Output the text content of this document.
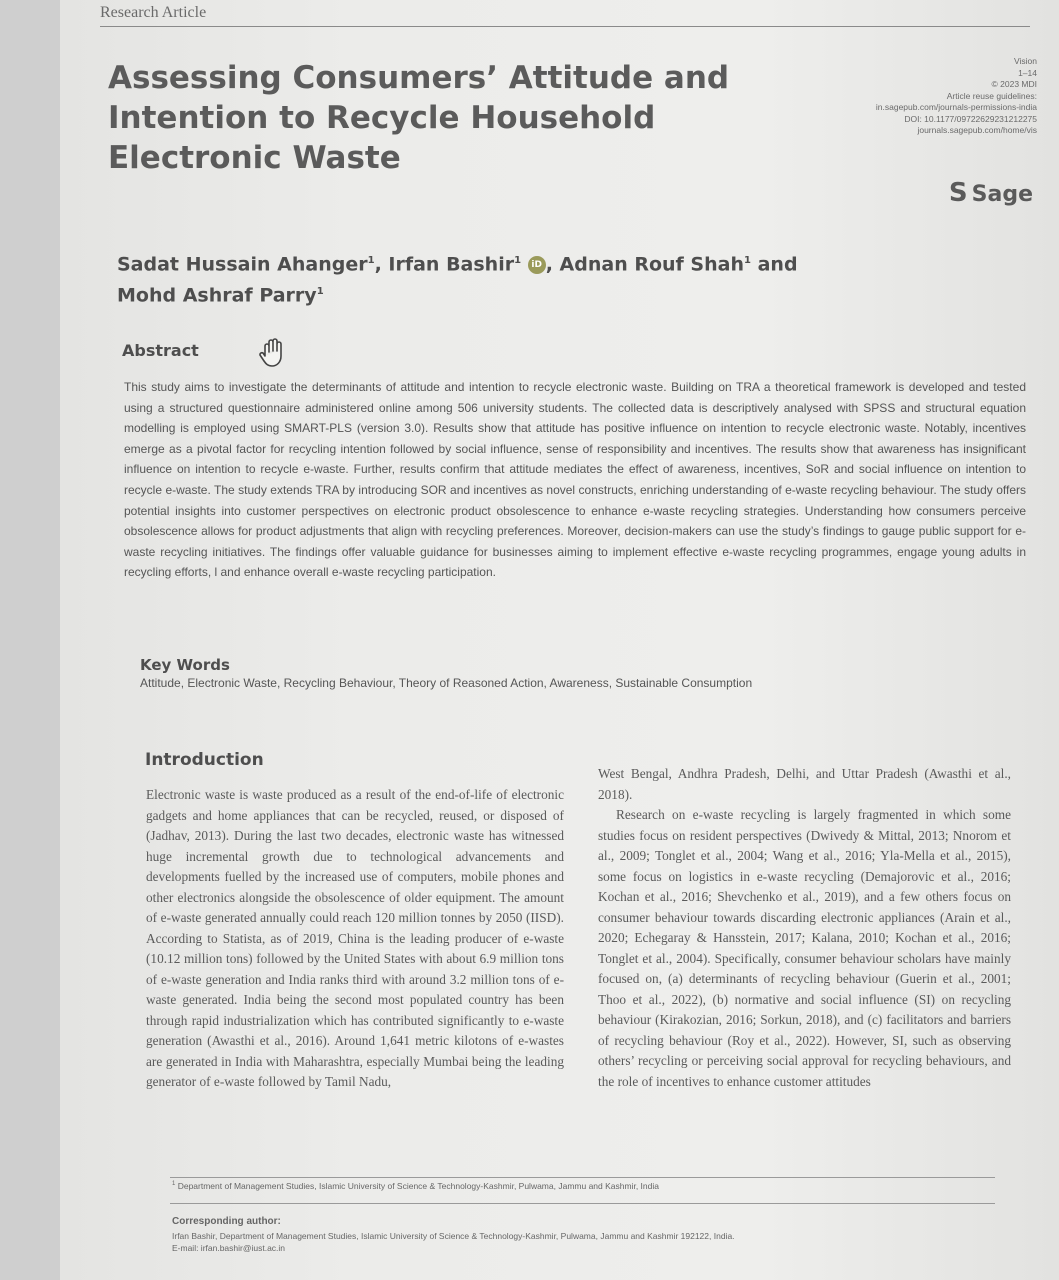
Research Article
Assessing Consumers’ Attitude and
Intention to Recycle Household
Electronic Waste
Vision
1–14
© 2023 MDI
Article reuse guidelines:
in.sagepub.com/journals-permissions-india
DOI: 10.1177/09722629231212275
journals.sagepub.com/home/vis
S Sage
Sadat Hussain Ahanger$^1$, Irfan Bashir$^1$ iD , Adnan Rouf Shah$^1$ and
Mohd Ashraf Parry$^1$
Abstract
This study aims to investigate the determinants of attitude and intention to recycle electronic waste. Building on TRA a theoretical framework is developed and tested using a structured questionnaire administered online among 506 university students. The collected data is descriptively analysed with SPSS and structural equation modelling is employed using SMART-PLS (version 3.0). Results show that attitude has positive influence on intention to recycle electronic waste. Notably, incentives emerge as a pivotal factor for recycling intention followed by social influence, sense of responsibility and incentives. The results show that awareness has insignificant influence on intention to recycle e-waste. Further, results confirm that attitude mediates the effect of awareness, incentives, SoR and social influence on intention to recycle e-waste. The study extends TRA by introducing SOR and incentives as novel constructs, enriching understanding of e-waste recycling behaviour. The study offers potential insights into customer perspectives on electronic product obsolescence to enhance e-waste recycling strategies. Understanding how consumers perceive obsolescence allows for product adjustments that align with recycling preferences. Moreover, decision-makers can use the study’s findings to gauge public support for e-waste recycling initiatives. The findings offer valuable guidance for businesses aiming to implement effective e-waste recycling programmes, engage young adults in recycling efforts, l and enhance overall e-waste recycling participation.
Key Words
Attitude, Electronic Waste, Recycling Behaviour, Theory of Reasoned Action, Awareness, Sustainable Consumption
Introduction

Electronic waste is waste produced as a result of the end-of-life of electronic gadgets and home appliances that can be recycled, reused, or disposed of (Jadhav, 2013). During the last two decades, electronic waste has witnessed huge incremental growth due to technological advancements and developments fuelled by the increased use of computers, mobile phones and other electronics alongside the obsolescence of older equipment. The amount of e-waste generated annually could reach 120 million tonnes by 2050 (IISD). According to Statista, as of 2019, China is the leading producer of e-waste (10.12 million tons) followed by the United States with about 6.9 million tons of e-waste generation and India ranks third with around 3.2 million tons of e-waste generated. India being the second most populated country has been through rapid industrialization which has contributed significantly to e-waste generation (Awasthi et al., 2016). Around 1,641 metric kilotons of e-wastes are generated in India with Maharashtra, especially Mumbai being the leading generator of e-waste followed by Tamil Nadu,

West Bengal, Andhra Pradesh, Delhi, and Uttar Pradesh (Awasthi et al., 2018).

Research on e-waste recycling is largely fragmented in which some studies focus on resident perspectives (Dwivedy & Mittal, 2013; Nnorom et al., 2009; Tonglet et al., 2004; Wang et al., 2016; Yla-Mella et al., 2015), some focus on logistics in e-waste recycling (Demajorovic et al., 2016; Kochan et al., 2016; Shevchenko et al., 2019), and a few others focus on consumer behaviour towards discarding electronic appliances (Arain et al., 2020; Echegaray & Hansstein, 2017; Kalana, 2010; Kochan et al., 2016; Tonglet et al., 2004). Specifically, consumer behaviour scholars have mainly focused on, (a) determinants of recycling behaviour (Guerin et al., 2001; Thoo et al., 2022), (b) normative and social influence (SI) on recycling behaviour (Kirakozian, 2016; Sorkun, 2018), and (c) facilitators and barriers of recycling behaviour (Roy et al., 2022). However, SI, such as observing others’ recycling or perceiving social approval for recycling behaviours, and the role of incentives to enhance customer attitudes

$^1$ Department of Management Studies, Islamic University of Science & Technology-Kashmir, Pulwama, Jammu and Kashmir, India
Corresponding author:
Irfan Bashir, Department of Management Studies, Islamic University of Science & Technology-Kashmir, Pulwama, Jammu and Kashmir 192122, India.
E-mail: irfan.bashir@iust.ac.in
